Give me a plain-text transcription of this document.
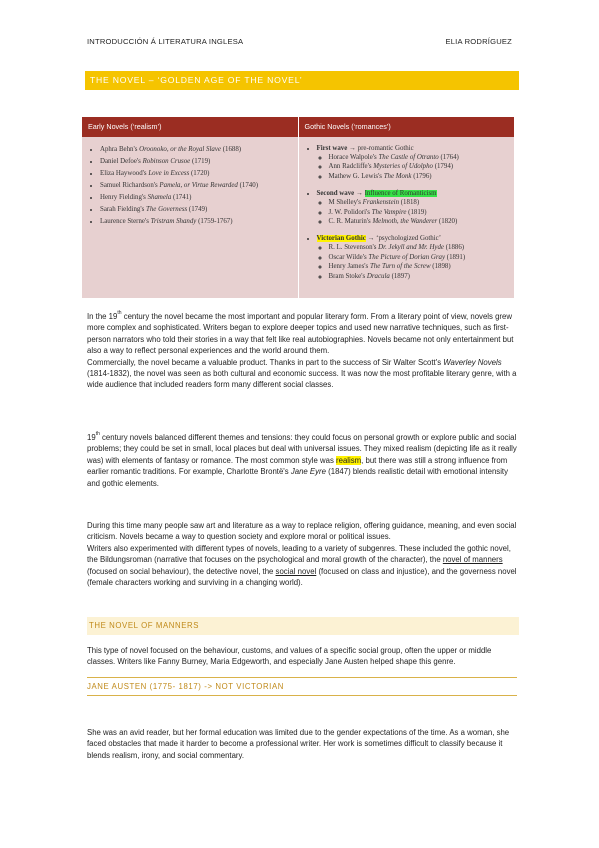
INTRODUCCIÓN Á LITERATURA INGLESA	ELIA RODRÍGUEZ
THE NOVEL – ‘GOLDEN AGE OF THE NOVEL’
Early Novels (‘realism’)	Gothic Novels (‘romances’)
• Aphra Behn's Oroonoko, or the Royal Slave (1688)
• Daniel Defoe's Robinson Crusoe (1719)
• Eliza Haywood's Love in Excess (1720)
• Samuel Richardson's Pamela, or Virtue Rewarded (1740)
• Henry Fielding's Shamela (1741)
• Sarah Fielding's The Governess (1749)
• Laurence Sterne's Tristram Shandy (1759-1767)
• First wave → pre-romantic Gothic
◦ Horace Walpole's The Castle of Otranto (1764)
◦ Ann Radcliffe's Mysteries of Udolpho (1794)
◦ Mathew G. Lewis's The Monk (1796)
• Second wave → Influence of Romanticism
◦ M Shelley's Frankenstein (1818)
◦ J. W. Polidori's The Vampire (1819)
◦ C. R. Maturin's Melmoth, the Wanderer (1820)
• Victorian Gothic → ‘psychologized Gothic’
◦ R. L. Stevenson's Dr. Jekyll and Mr. Hyde (1886)
◦ Oscar Wilde's The Picture of Dorian Gray (1891)
◦ Henry James's The Turn of the Screw (1898)
◦ Bram Stoke's Dracula (1897)

In the 19th century the novel became the most important and popular literary form. From a literary point of view, novels grew more complex and sophisticated. Writers began to explore deeper topics and used new narrative techniques, such as first-person narrators who told their stories in a way that felt like real autobiographies. Novels became not only entertainment but also a way to reflect personal experiences and the world around them.

Commercially, the novel became a valuable product. Thanks in part to the success of Sir Walter Scott's Waverley Novels (1814-1832), the novel was seen as both cultural and economic success. It was now the most profitable literary genre, with a wide audience that included readers form many different social classes.

19th century novels balanced different themes and tensions: they could focus on personal growth or explore public and social problems; they could be set in small, local places but deal with universal issues. They mixed realism (depicting life as it really was) with elements of fantasy or romance. The most common style was realism, but there was still a strong influence from earlier romantic traditions. For example, Charlotte Brontë's Jane Eyre (1847) blends realistic detail with emotional intensity and gothic elements.

During this time many people saw art and literature as a way to replace religion, offering guidance, meaning, and even social criticism. Novels became a way to question society and explore moral or political issues.

Writers also experimented with different types of novels, leading to a variety of subgenres. These included the gothic novel, the Bildungsroman (narrative that focuses on the psychological and moral growth of the character), the novel of manners (focused on social behaviour), the detective novel, the social novel (focused on class and injustice), and the governess novel (female characters working and surviving in a changing world).

THE NOVEL OF MANNERS

This type of novel focused on the behaviour, customs, and values of a specific social group, often the upper or middle classes. Writers like Fanny Burney, Maria Edgeworth, and especially Jane Austen helped shape this genre.

JANE AUSTEN (1775- 1817) -> NOT VICTORIAN

She was an avid reader, but her formal education was limited due to the gender expectations of the time. As a woman, she faced obstacles that made it harder to become a professional writer. Her work is sometimes difficult to classify because it blends realism, irony, and social commentary.
